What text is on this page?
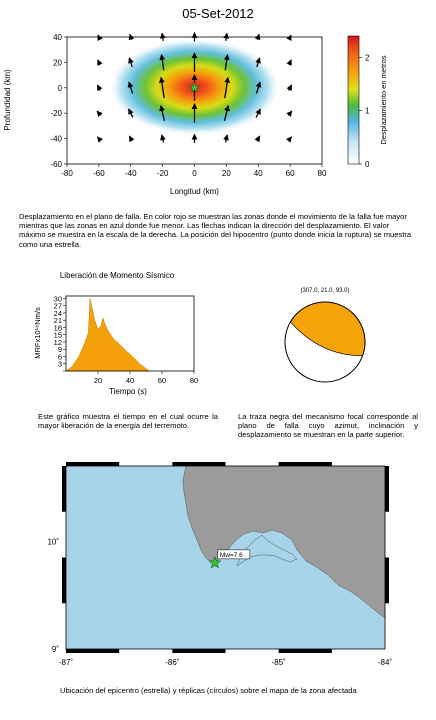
05-Set-2012
-80	-60	-40	-20	0	20	40	60	80
-60
-40
-20
0
20
40
Longitud (km)
Profundidad (km)
0
1
2 Desplazamiento en metros
Desplazamiento en el plano de falla. En color rojo se muestran las zonas donde el movimiento de la falla fue mayor mientras que las zonas en azul donde fue menor. Las flechas indican la dirección del desplazamiento. El valor máximo se muestra en la escala de la derecha. La posición del hipocentro (punto donde inicia la ruptura) se muestra como una estrella.
Liberación de Momento Sísmico
20	40	60	80
3
6
9
12
15
18
21
24
27
30
Tiempo (s)
MRFx10¹⁸Nm/s
(307.0, 21.0, 93.0)
Este gráfico muestra el tiempo en el cual ocurre la mayor liberación de la energía del terremoto.
La traza negra del mecanismo focal corresponde al plano de falla cuyo azimut, inclinación y desplazamiento se muestran en la parte superior.
-87˚	-86˚	-85˚	-84˚
9˚
10˚
Mw=7.6
Ubicación del epicentro (estrella) y réplicas (círculos) sobre el mapa de la zona afectada
